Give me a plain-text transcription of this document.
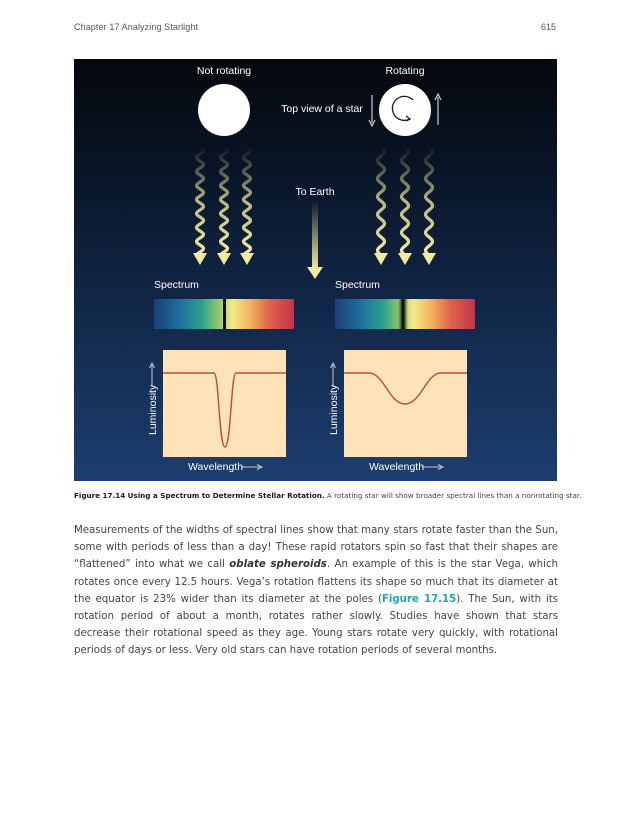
Chapter 17 Analyzing Starlight	615
Not rotating	Rotating
Top view of a star
To Earth
Spectrum	Spectrum
Luminosity	Luminosity
Wavelength	Wavelength
Figure 17.14 Using a Spectrum to Determine Stellar Rotation. A rotating star will show broader spectral lines than a nonrotating star.
Measurements of the widths of spectral lines show that many stars rotate faster than the Sun, some with periods of less than a day! These rapid rotators spin so fast that their shapes are “flattened” into what we call oblate spheroids. An example of this is the star Vega, which rotates once every 12.5 hours. Vega’s rotation flattens its shape so much that its diameter at the equator is 23% wider than its diameter at the poles (Figure 17.15). The Sun, with its rotation period of about a month, rotates rather slowly. Studies have shown that stars decrease their rotational speed as they age. Young stars rotate very quickly, with rotational periods of days or less. Very old stars can have rotation periods of several months.
